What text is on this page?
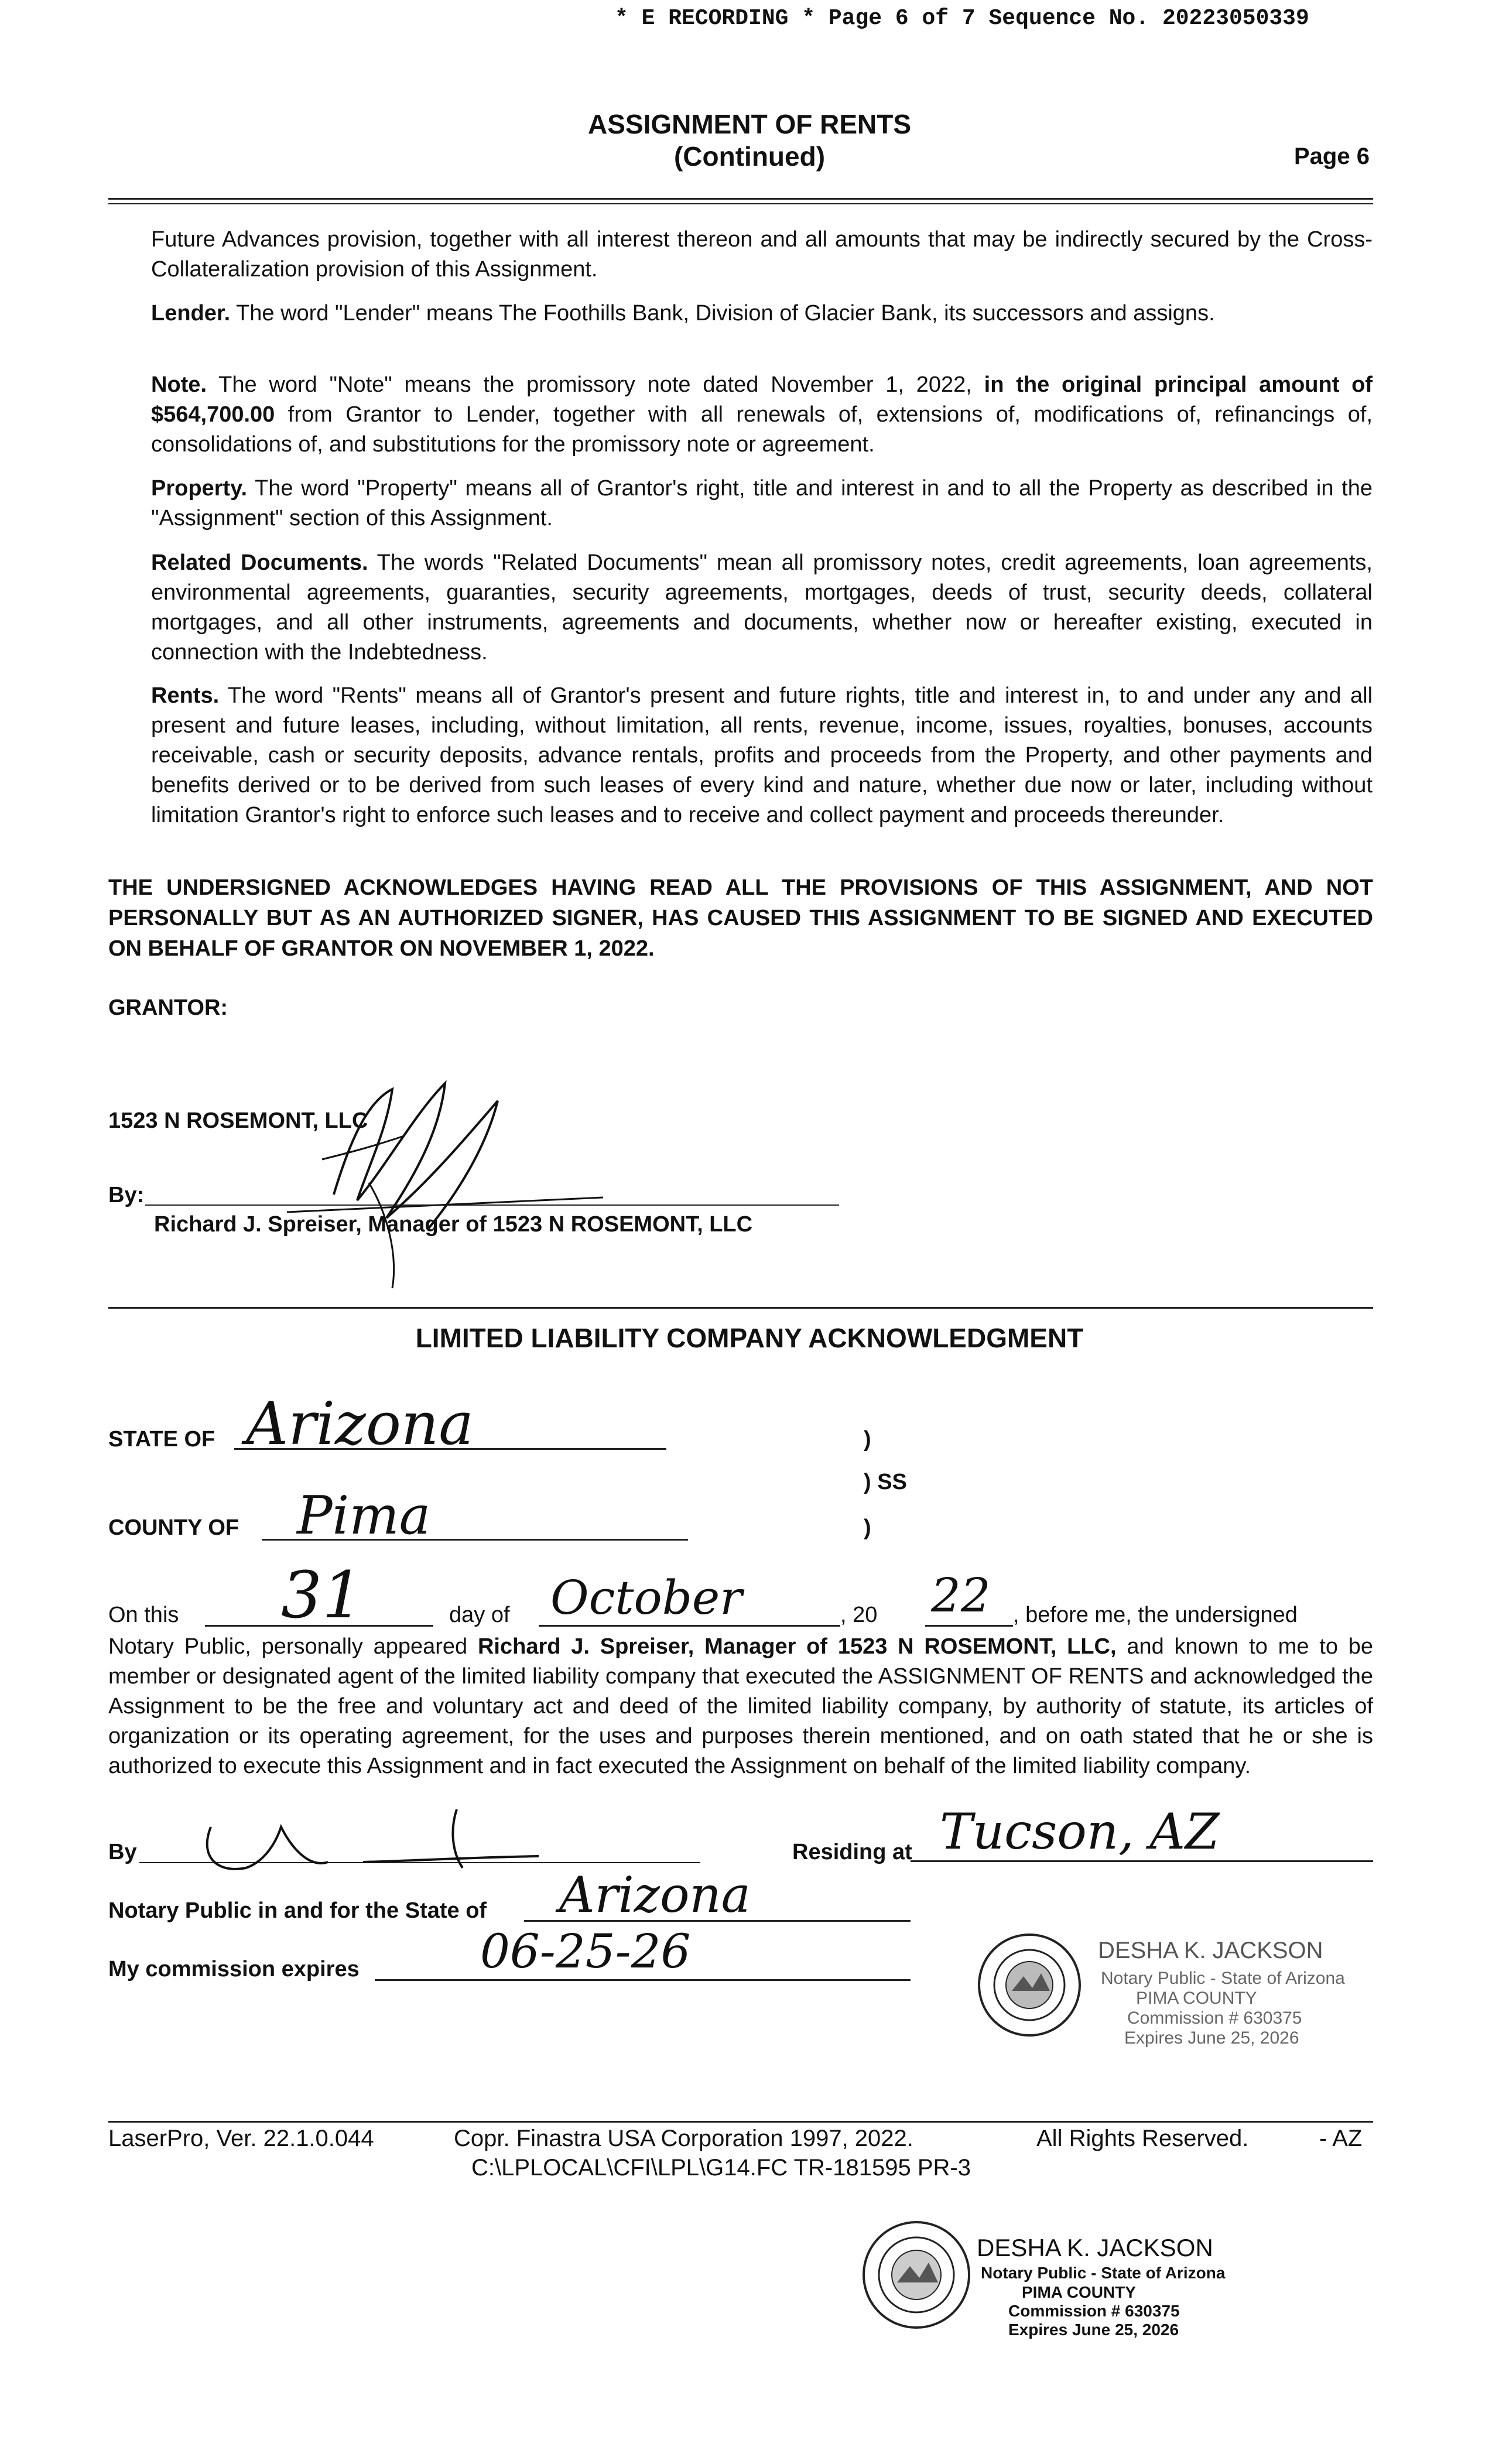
* E RECORDING * Page 6 of 7 Sequence No. 20223050339
ASSIGNMENT OF RENTS
(Continued)	Page 6
Future Advances provision, together with all interest thereon and all amounts that may be indirectly secured by the Cross-Collateralization provision of this Assignment.
Lender. The word "Lender" means The Foothills Bank, Division of Glacier Bank, its successors and assigns.
Note. The word "Note" means the promissory note dated November 1, 2022, in the original principal amount of $564,700.00 from Grantor to Lender, together with all renewals of, extensions of, modifications of, refinancings of, consolidations of, and substitutions for the promissory note or agreement.
Property. The word "Property" means all of Grantor's right, title and interest in and to all the Property as described in the "Assignment" section of this Assignment.
Related Documents. The words "Related Documents" mean all promissory notes, credit agreements, loan agreements, environmental agreements, guaranties, security agreements, mortgages, deeds of trust, security deeds, collateral mortgages, and all other instruments, agreements and documents, whether now or hereafter existing, executed in connection with the Indebtedness.
Rents. The word "Rents" means all of Grantor's present and future rights, title and interest in, to and under any and all present and future leases, including, without limitation, all rents, revenue, income, issues, royalties, bonuses, accounts receivable, cash or security deposits, advance rentals, profits and proceeds from the Property, and other payments and benefits derived or to be derived from such leases of every kind and nature, whether due now or later, including without limitation Grantor's right to enforce such leases and to receive and collect payment and proceeds thereunder.
THE UNDERSIGNED ACKNOWLEDGES HAVING READ ALL THE PROVISIONS OF THIS ASSIGNMENT, AND NOT PERSONALLY BUT AS AN AUTHORIZED SIGNER, HAS CAUSED THIS ASSIGNMENT TO BE SIGNED AND EXECUTED ON BEHALF OF GRANTOR ON NOVEMBER 1, 2022.
GRANTOR:
1523 N ROSEMONT, LLC
By:
Richard J. Spreiser, Manager of 1523 N ROSEMONT, LLC
LIMITED LIABILITY COMPANY ACKNOWLEDGMENT
STATE OF Arizona	)
) SS
COUNTY OF Pima	)
On this 31	day of October	, 20 22 , before me, the undersigned
Notary Public, personally appeared Richard J. Spreiser, Manager of 1523 N ROSEMONT, LLC, and known to me to be member or designated agent of the limited liability company that executed the ASSIGNMENT OF RENTS and acknowledged the Assignment to be the free and voluntary act and deed of the limited liability company, by authority of statute, its articles of organization or its operating agreement, for the uses and purposes therein mentioned, and on oath stated that he or she is authorized to execute this Assignment and in fact executed the Assignment on behalf of the limited liability company.
By	Residing at Tucson, AZ
Notary Public in and for the State of Arizona
My commission expires	06-25-26	DESHA K. JACKSON
Notary Public - State of Arizona
PIMA COUNTY
Commission # 630375
Expires June 25, 2026
LaserPro, Ver. 22.1.0.044	Copr. Finastra USA Corporation 1997, 2022.	All Rights Reserved.	- AZ
C:\LPLOCAL\CFI\LPL\G14.FC TR-181595 PR-3
DESHA K. JACKSON
Notary Public - State of Arizona
PIMA COUNTY
Commission # 630375
Expires June 25, 2026
